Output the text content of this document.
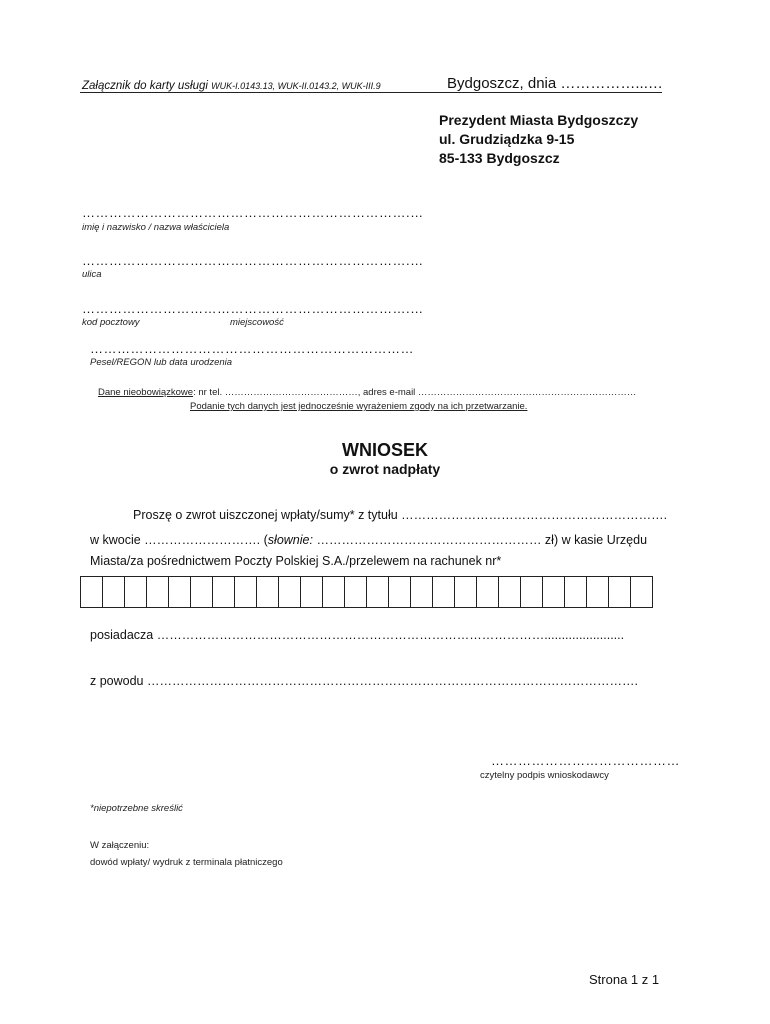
Załącznik do karty usługi WUK-I.0143.13, WUK-II.0143.2, WUK-III.9	Bydgoszcz, dnia ……………...…
Prezydent Miasta Bydgoszczy
ul. Grudziądzka 9-15
85-133 Bydgoszcz
……………………………………………………………….…
imię i nazwisko / nazwa właściciela
……………………………………………………………….…
ulica
……………………………………………………………….…
kod pocztowy	miejscowość
………………………………………………………………
Pesel/REGON lub data urodzenia
Dane nieobowiązkowe: nr tel. ……………………………………, adres e-mail ……………………………………………………………
Podanie tych danych jest jednocześnie wyrażeniem zgody na ich przetwarzanie.
WNIOSEK
o zwrot nadpłaty
Proszę o zwrot uiszczonej wpłaty/sumy* z tytułu ……………………………………………………….
w kwocie ………………………. (słownie: ……………………………………………… zł) w kasie Urzędu
Miasta/za pośrednictwem Poczty Polskiej S.A./przelewem na rachunek nr*
posiadacza ………………………………………………………………………………….......................
z powodu ……………………………………………………………………………………………………….
……………………………………
czytelny podpis wnioskodawcy
*niepotrzebne skreślić
W załączeniu:
dowód wpłaty/ wydruk z terminala płatniczego
Strona 1 z 1
